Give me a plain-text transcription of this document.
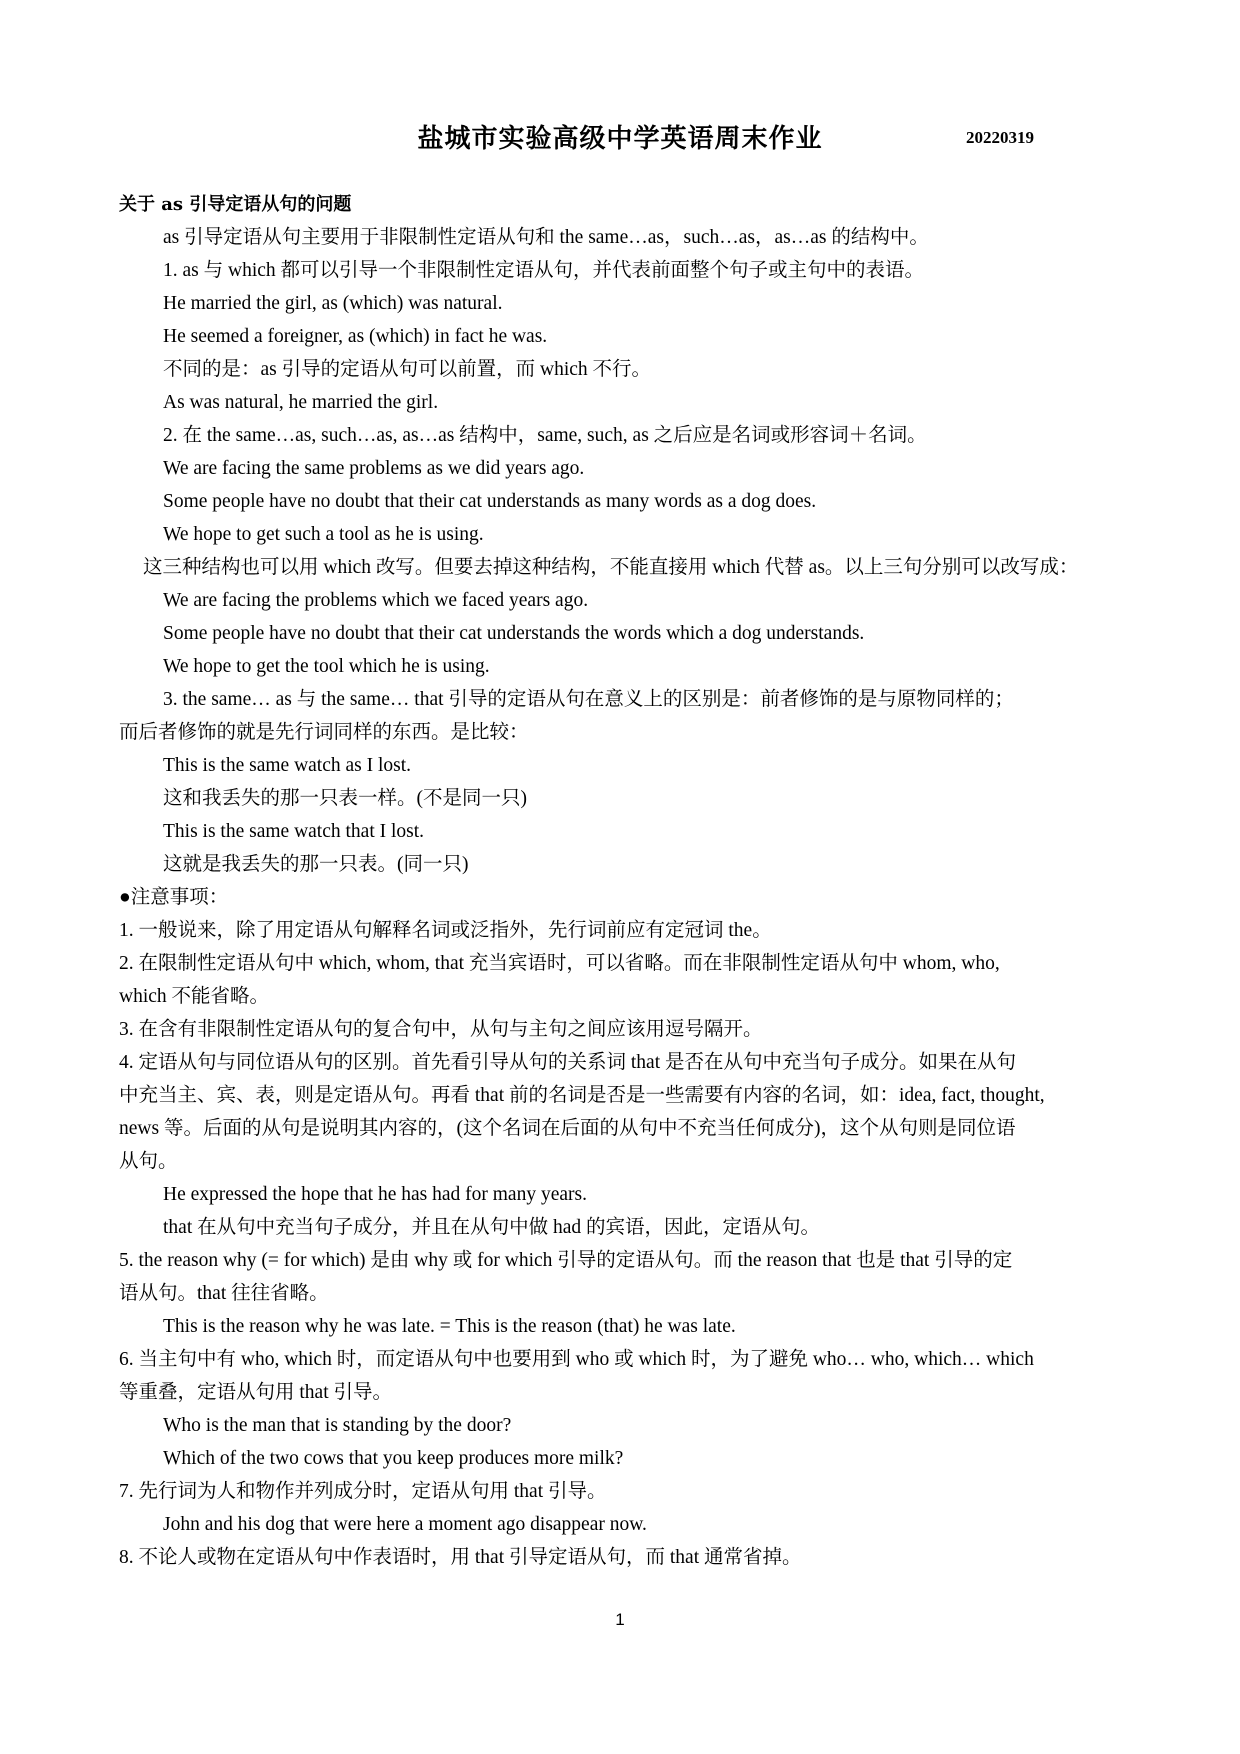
盐城市实验高级中学英语周末作业	20220319
关于 as 引导定语从句的问题
as 引导定语从句主要用于非限制性定语从句和 the same…as，such…as，as…as 的结构中。
1. as 与 which 都可以引导一个非限制性定语从句，并代表前面整个句子或主句中的表语。
He married the girl, as (which) was natural.
He seemed a foreigner, as (which) in fact he was.
不同的是：as 引导的定语从句可以前置，而 which 不行。
As was natural, he married the girl.
2. 在 the same…as, such…as, as…as 结构中，same, such, as 之后应是名词或形容词＋名词。
We are facing the same problems as we did years ago.
Some people have no doubt that their cat understands as many words as a dog does.
We hope to get such a tool as he is using.
这三种结构也可以用 which 改写。但要去掉这种结构，不能直接用 which 代替 as。以上三句分别可以改写成：
We are facing the problems which we faced years ago.
Some people have no doubt that their cat understands the words which a dog understands.
We hope to get the tool which he is using.
3. the same… as 与 the same… that 引导的定语从句在意义上的区别是：前者修饰的是与原物同样的；
而后者修饰的就是先行词同样的东西。是比较：
This is the same watch as I lost.
这和我丢失的那一只表一样。(不是同一只)
This is the same watch that I lost.
这就是我丢失的那一只表。(同一只)
●注意事项：
1. 一般说来，除了用定语从句解释名词或泛指外，先行词前应有定冠词 the。
2. 在限制性定语从句中 which, whom, that 充当宾语时，可以省略。而在非限制性定语从句中 whom, who,
which 不能省略。
3. 在含有非限制性定语从句的复合句中，从句与主句之间应该用逗号隔开。
4. 定语从句与同位语从句的区别。首先看引导从句的关系词 that 是否在从句中充当句子成分。如果在从句
中充当主、宾、表，则是定语从句。再看 that 前的名词是否是一些需要有内容的名词，如：idea, fact, thought,
news 等。后面的从句是说明其内容的，(这个名词在后面的从句中不充当任何成分)，这个从句则是同位语
从句。
He expressed the hope that he has had for many years.
that 在从句中充当句子成分，并且在从句中做 had 的宾语，因此，定语从句。
5. the reason why (= for which) 是由 why 或 for which 引导的定语从句。而 the reason that 也是 that 引导的定
语从句。that 往往省略。
This is the reason why he was late. = This is the reason (that) he was late.
6. 当主句中有 who, which 时，而定语从句中也要用到 who 或 which 时，为了避免 who… who, which… which
等重叠，定语从句用 that 引导。
Who is the man that is standing by the door?
Which of the two cows that you keep produces more milk?
7. 先行词为人和物作并列成分时，定语从句用 that 引导。
John and his dog that were here a moment ago disappear now.
8. 不论人或物在定语从句中作表语时，用 that 引导定语从句，而 that 通常省掉。
1
